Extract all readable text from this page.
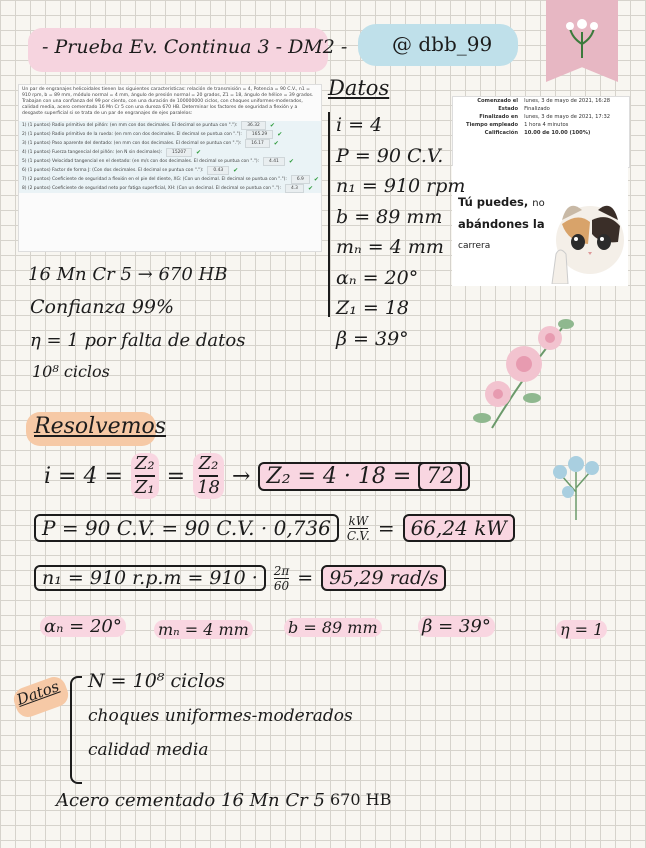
- Prueba Ev. Continua 3 - DM2 - @ dbb_99
Un par de engranajes helicoidales tienen las siguientes características: relación de transmisión = 4, Potencia = 90 C.V., n1 = 910 rpm, b = 89 mm, módulo normal = 4 mm, ángulo de presión normal = 20 grados, Z1 = 18, ángulo de hélice = 39 grados. Trabajan con una confianza del 99 por ciento, con una duración de 100000000 ciclos, con choques uniformes-moderados, calidad media, acero cementado 16 Mn Cr 5 con una dureza 670 HB. Determinar los factores de seguridad a flexión y a desgaste superficial si se trata de un par de engranajes de ejes paralelos:
1) (1 puntos) Radio primitivo del piñón: (en mm con dos decimales. El decimal se puntua con "."):	36.32	✔
2) (1 puntos) Radio primitivo de la rueda: (en mm con dos decimales. El decimal se puntua con "."):	165.29	✔
3) (1 puntos) Paso aparente del dentado: (en mm con dos decimales. El decimal se puntua con "."):	16.17	✔
4) (1 puntos) Fuerza tangencial del piñón: (en N sin decimales):	15207	✔
5) (1 puntos) Velocidad tangencial en el dentado: (en m/s con dos decimales. El decimal se puntua con "."):	4.41	✔
6) (1 puntos) Factor de forma J: (Con dos decimales. El decimal se puntua con "."):	0.43	✔
7) (2 puntos) Coeficiente de seguridad a flexión en el pie del diente, XG: (Con un decimal. El decimal se puntua con "."):	6.9	✔
8) (2 puntos) Coeficiente de seguridad neto por fatiga superficial, XH: (Con un decimal. El decimal se puntua con "."):	4.3	✔
Comenzado el	lunes, 3 de mayo de 2021, 16:28
Estado	Finalizado
Finalizado en	lunes, 3 de mayo de 2021, 17:32
Tiempo empleado	1 hora 4 minutos
Calificación	10.00 de 10.00 (100%)
Tú puedes, no
abándones la
carrera
Datos
i = 4
P = 90 C.V.
n₁ = 910 rpm
b = 89 mm
mₙ = 4 mm
αₙ = 20°
Z₁ = 18
β = 39°
16 Mn Cr 5 → 670 HB
Confianza 99%
η = 1 por falta de datos
10⁸ ciclos
Resolvemos
$i = 4 = \frac{\text{Z₂}}{\text{Z₁}} = \frac{\text{Z₂}}{18} \to Z_2 = 4 \cdot 18 = 72$
P = 90 C.V. = 90 C.V. · 0,736	$\frac{kW}{C.V.} = 66,24$ kW
n₁ = 910 r.p.m = 910 ·	$\frac{2\pi}{60} = 95,29$ rad/s
αₙ = 20° mₙ = 4 mm b = 89 mm β = 39°	η = 1
Datos N = 10⁸ ciclos
choques uniformes-moderados
calidad media
Acero cementado 16 Mn Cr 5 670 HB
